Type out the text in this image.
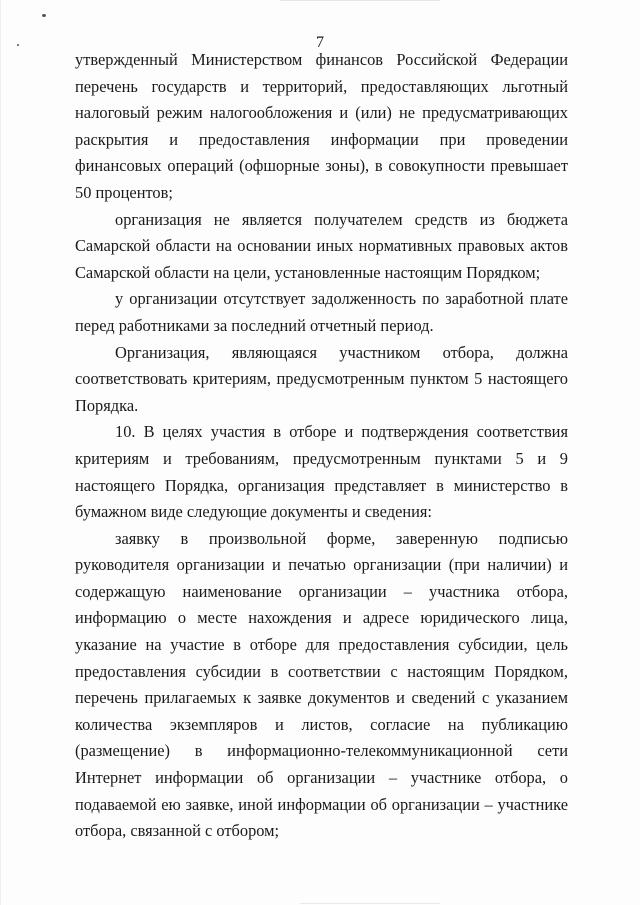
7

утвержденный Министерством финансов Российской Федерации перечень государств и территорий, предоставляющих льготный налоговый режим налогообложения и (или) не предусматривающих раскрытия и предоставления информации при проведении финансовых операций (офшорные зоны), в совокупности превышает 50 процентов;

организация не является получателем средств из бюджета Самарской области на основании иных нормативных правовых актов Самарской области на цели, установленные настоящим Порядком;

у организации отсутствует задолженность по заработной плате перед работниками за последний отчетный период.

Организация, являющаяся участником отбора, должна соответствовать критериям, предусмотренным пунктом 5 настоящего Порядка.

10. В целях участия в отборе и подтверждения соответствия критериям и требованиям, предусмотренным пунктами 5 и 9 настоящего Порядка, организация представляет в министерство в бумажном виде следующие документы и сведения:

заявку в произвольной форме, заверенную подписью руководителя организации и печатью организации (при наличии) и содержащую наименование организации – участника отбора, информацию о месте нахождения и адресе юридического лица, указание на участие в отборе для предоставления субсидии, цель предоставления субсидии в соответствии с настоящим Порядком, перечень прилагаемых к заявке документов и сведений с указанием количества экземпляров и листов, согласие на публикацию (размещение) в информационно-телекоммуникационной сети Интернет информации об организации – участнике отбора, о подаваемой ею заявке, иной информации об организации – участнике отбора, связанной с отбором;
